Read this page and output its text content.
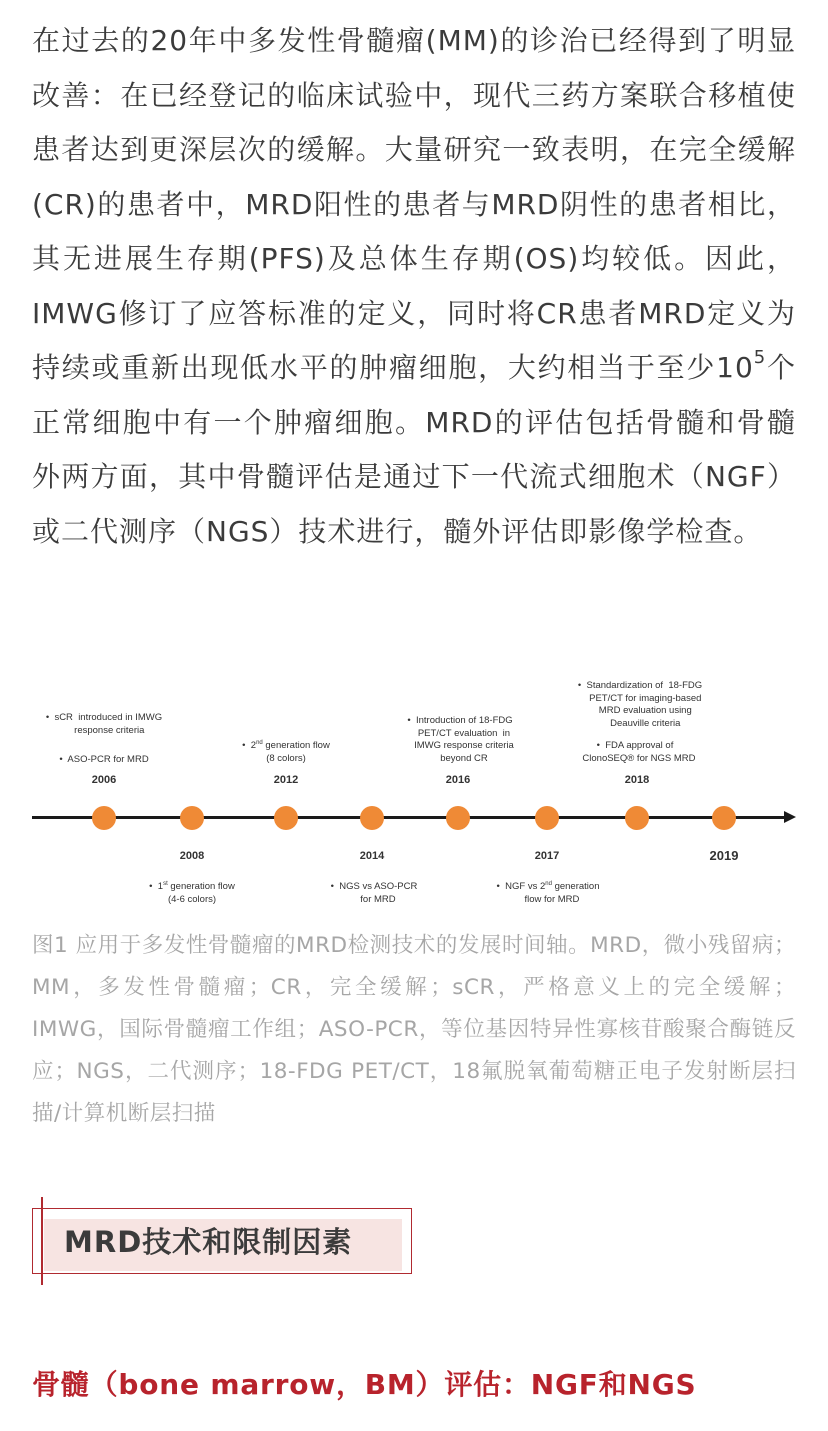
在过去的20年中多发性骨髓瘤(MM)的诊治已经得到了明显改善：在已经登记的临床试验中，现代三药方案联合移植使患者达到更深层次的缓解。大量研究一致表明，在完全缓解(CR)的患者中，MRD阳性的患者与MRD阴性的患者相比，其无进展生存期(PFS)及总体生存期(OS)均较低。因此，IMWG修订了应答标准的定义，同时将CR患者MRD定义为持续或重新出现低水平的肿瘤细胞，大约相当于至少$10^5$个正常细胞中有一个肿瘤细胞。MRD的评估包括骨髓和骨髓外两方面，其中骨髓评估是通过下一代流式细胞术（NGF）或二代测序（NGS）技术进行，髓外评估即影像学检查。
2006
2008
2012
2014
2016
2017
2018
2019
•  sCR  introduced in IMWG
response criteria
•  ASO-PCR for MRD
•  2nd generation flow
(8 colors)
•  Introduction of 18-FDG
PET/CT evaluation  in
IMWG response criteria
beyond CR
•  Standardization of  18-FDG
PET/CT for imaging-based
MRD evaluation using
Deauville criteria
•  FDA approval of
ClonoSEQ® for NGS MRD
•  1st generation flow
(4-6 colors)
•  NGS vs ASO-PCR
for MRD
•  NGF vs 2nd generation
flow for MRD
图1 应用于多发性骨髓瘤的MRD检测技术的发展时间轴。MRD，微小残留病；MM，多发性骨髓瘤；CR，完全缓解；sCR，严格意义上的完全缓解；IMWG，国际骨髓瘤工作组；ASO-PCR，等位基因特异性寡核苷酸聚合酶链反应；NGS，二代测序；18-FDG PET/CT，18氟脱氧葡萄糖正电子发射断层扫描/计算机断层扫描
MRD技术和限制因素
骨髓（bone marrow，BM）评估：NGF和NGS
